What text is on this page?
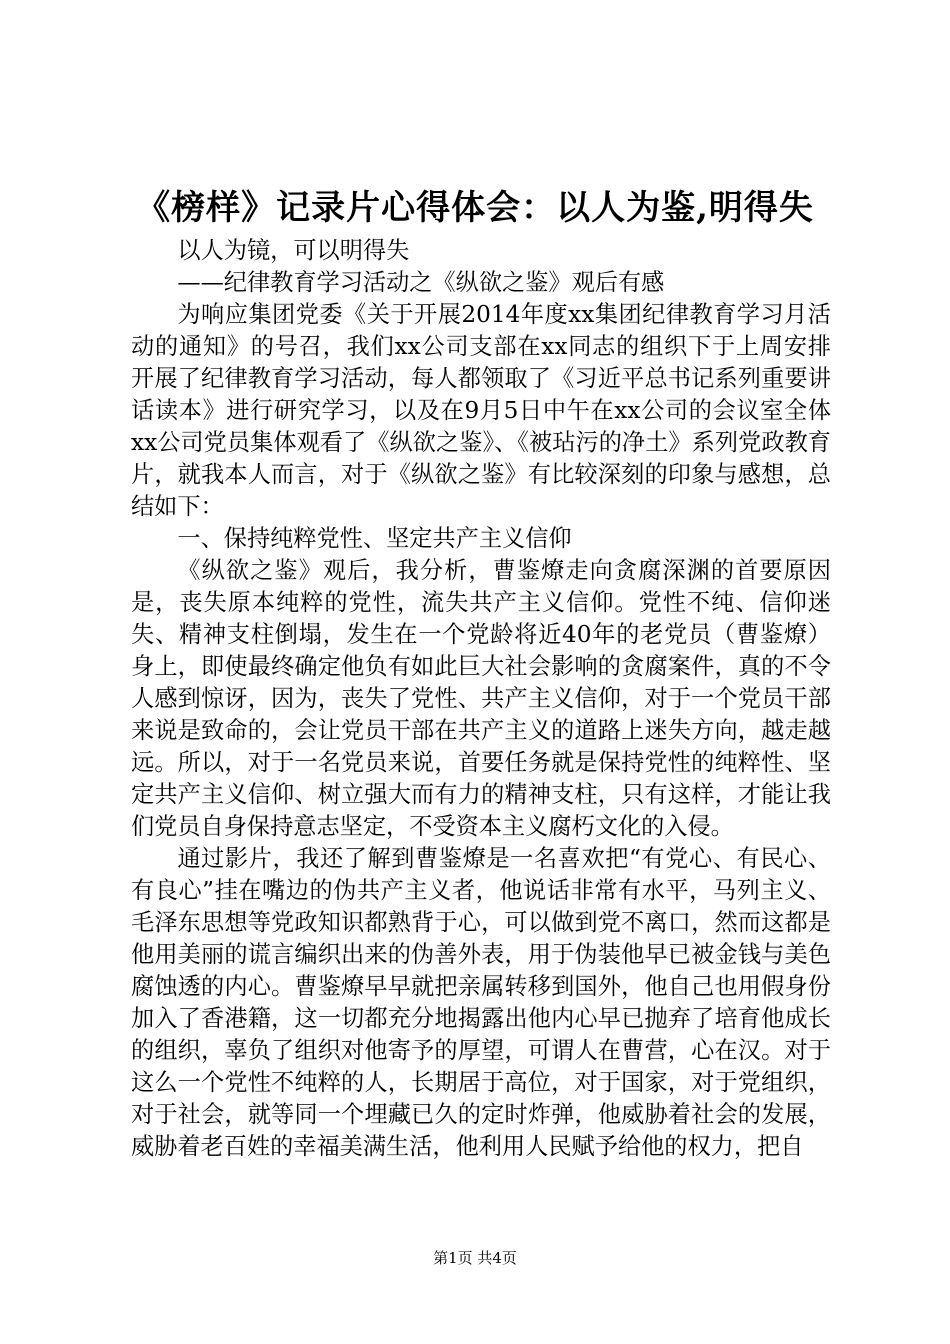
《榜样》记录片心得体会：以人为鉴,明得失

以人为镜，可以明得失

——纪律教育学习活动之《纵欲之鉴》观后有感

为响应集团党委《关于开展2014年度xx集团纪律教育学习月活动的通知》的号召，我们xx公司支部在xx同志的组织下于上周安排开展了纪律教育学习活动，每人都领取了《习近平总书记系列重要讲话读本》进行研究学习，以及在9月5日中午在xx公司的会议室全体xx公司党员集体观看了《纵欲之鉴》、《被玷污的净土》系列党政教育片，就我本人而言，对于《纵欲之鉴》有比较深刻的印象与感想，总结如下：

一、保持纯粹党性、坚定共产主义信仰

《纵欲之鉴》观后，我分析，曹鉴燎走向贪腐深渊的首要原因是，丧失原本纯粹的党性，流失共产主义信仰。党性不纯、信仰迷失、精神支柱倒塌，发生在一个党龄将近40年的老党员（曹鉴燎）身上，即使最终确定他负有如此巨大社会影响的贪腐案件，真的不令人感到惊讶，因为，丧失了党性、共产主义信仰，对于一个党员干部来说是致命的，会让党员干部在共产主义的道路上迷失方向，越走越远。所以，对于一名党员来说，首要任务就是保持党性的纯粹性、坚定共产主义信仰、树立强大而有力的精神支柱，只有这样，才能让我们党员自身保持意志坚定，不受资本主义腐朽文化的入侵。

通过影片，我还了解到曹鉴燎是一名喜欢把“有党心、有民心、有良心”挂在嘴边的伪共产主义者，他说话非常有水平，马列主义、毛泽东思想等党政知识都熟背于心，可以做到党不离口，然而这都是他用美丽的谎言编织出来的伪善外表，用于伪装他早已被金钱与美色腐蚀透的内心。曹鉴燎早早就把亲属转移到国外，他自己也用假身份加入了香港籍，这一切都充分地揭露出他内心早已抛弃了培育他成长的组织，辜负了组织对他寄予的厚望，可谓人在曹营，心在汉。对于这么一个党性不纯粹的人，长期居于高位，对于国家，对于党组织，对于社会，就等同一个埋藏已久的定时炸弹，他威胁着社会的发展，威胁着老百姓的幸福美满生活，他利用人民赋予给他的权力，把自

第1页 共4页
